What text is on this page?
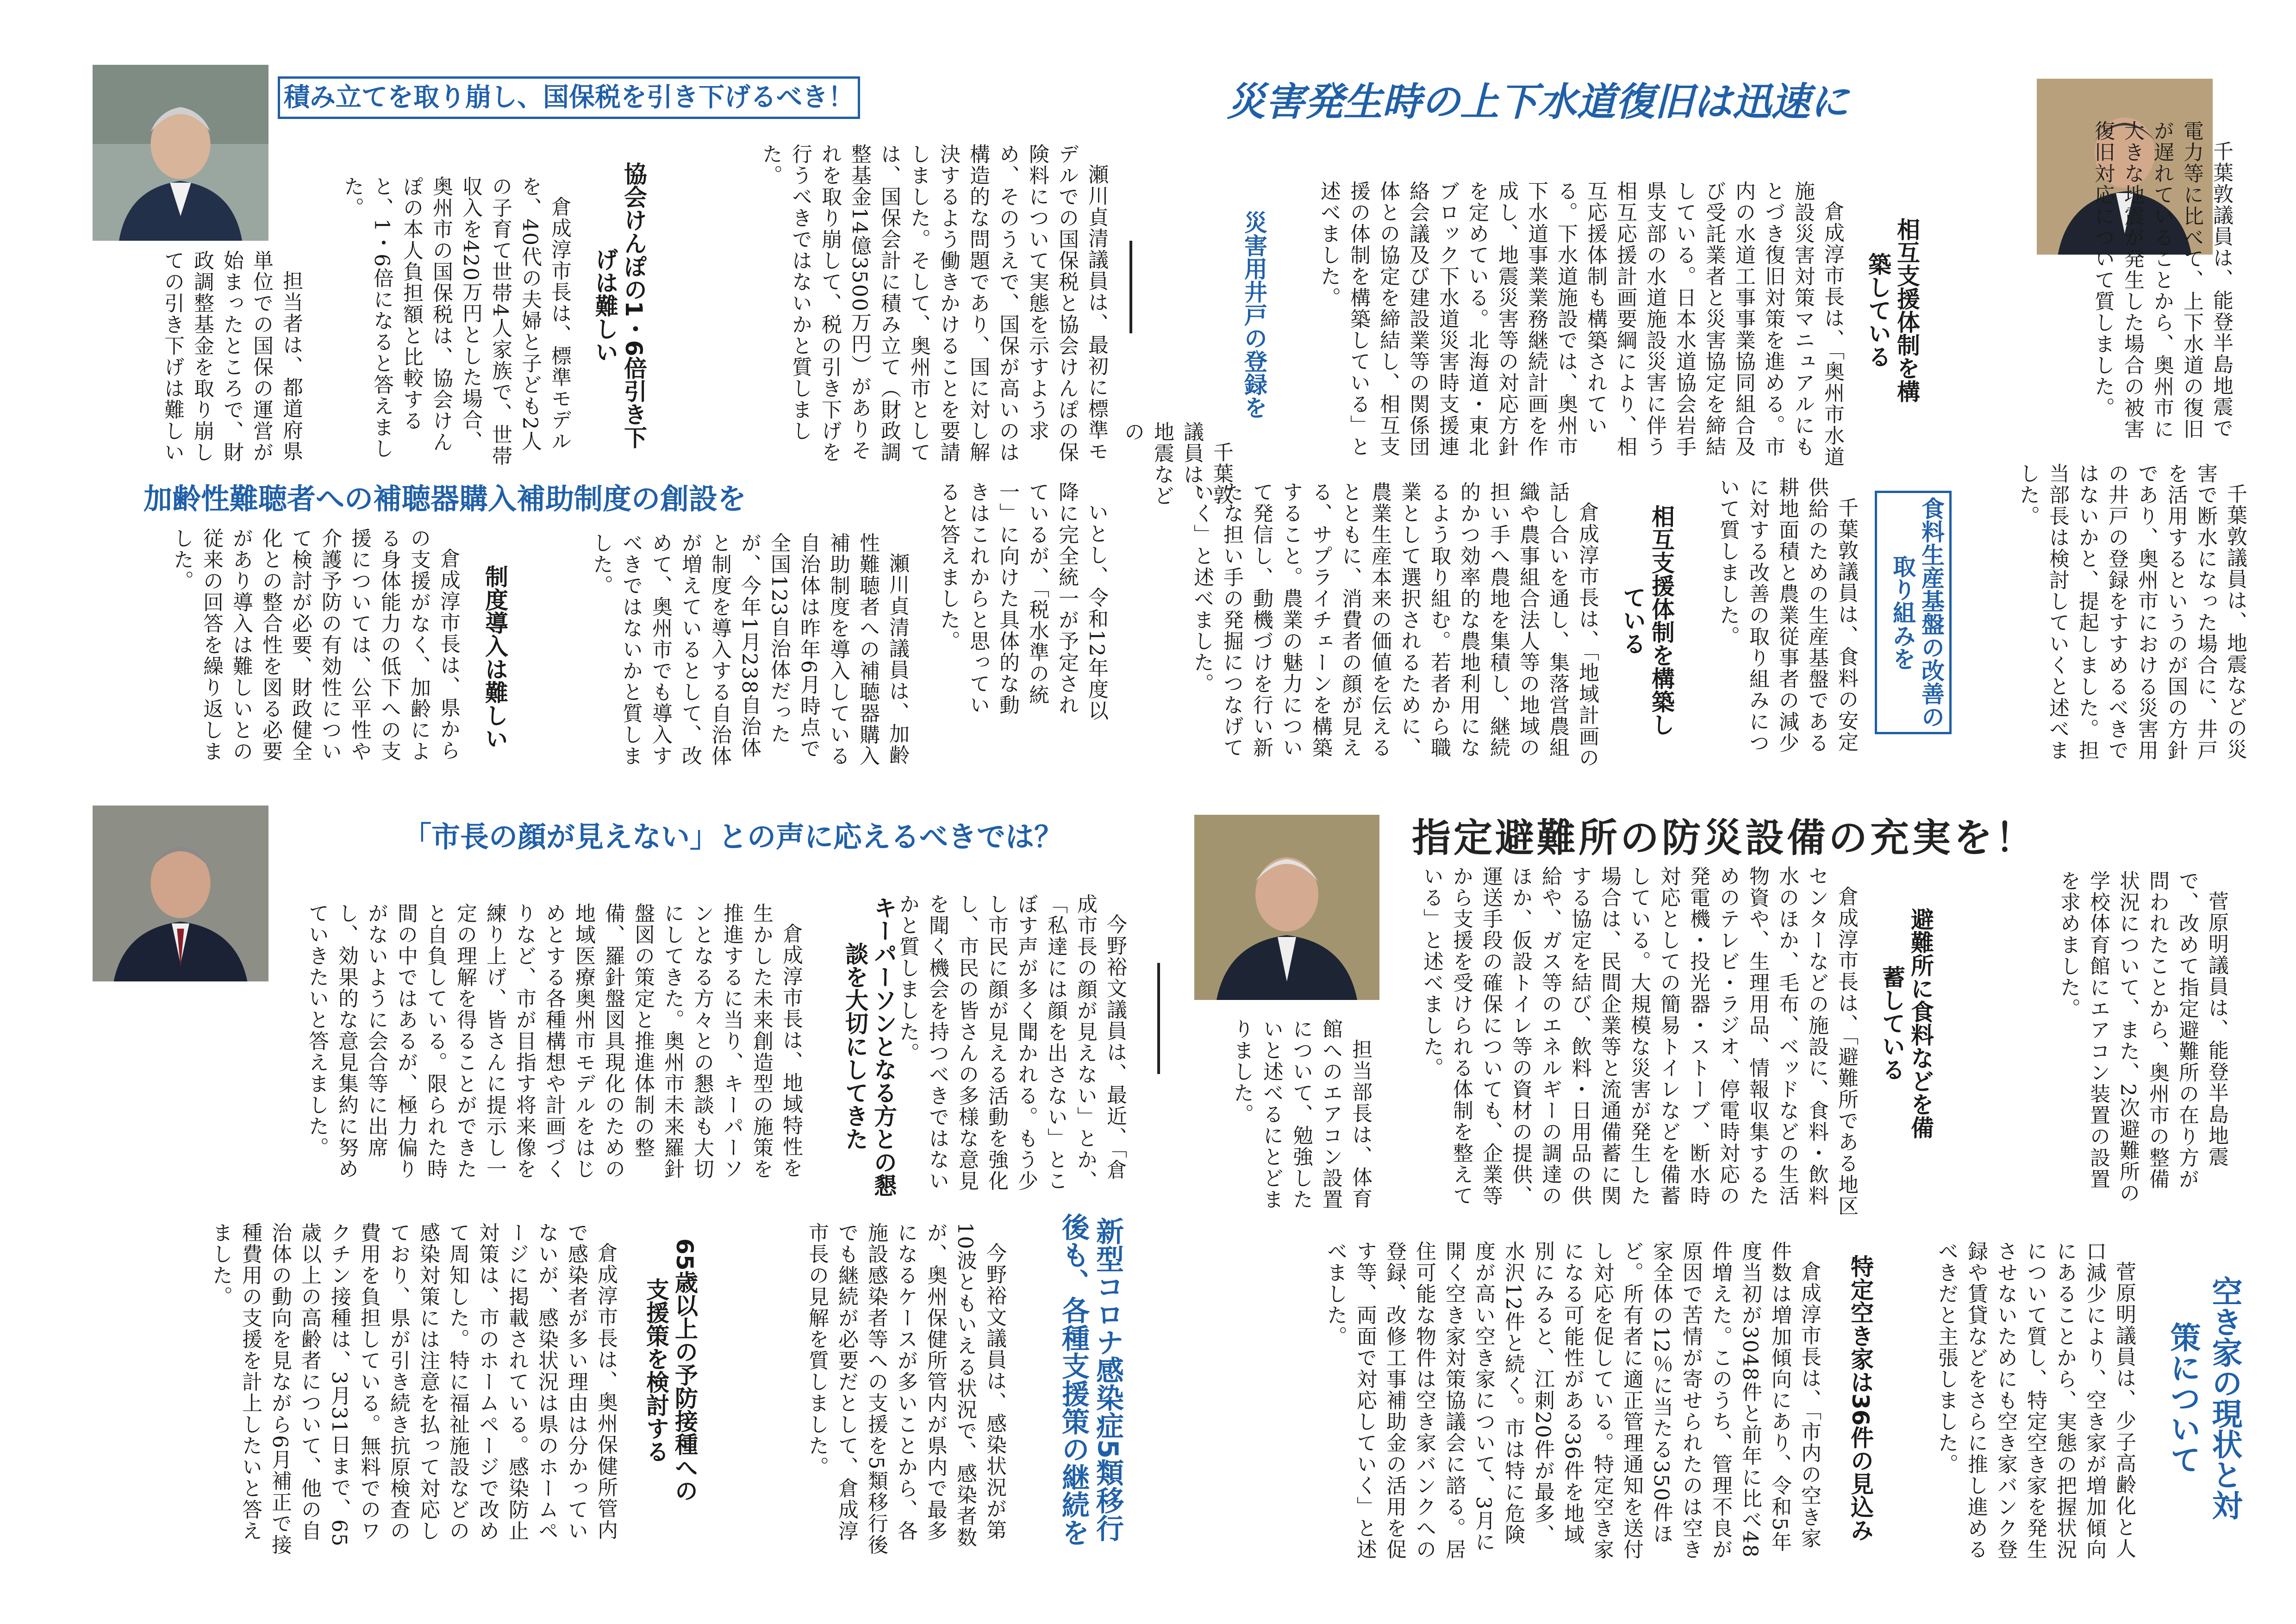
積み立てを取り崩し、国保税を引き下げるべき！

瀬川貞清議員は、最初に標準モデルでの国保税と協会けんぽの保険料について実態を示すよう求め、そのうえで、国保が高いのは構造的な問題であり、国に対し解決するよう働きかけることを要請しました。そして、奥州市としては、国保会計に積み立て（財政調整基金14億3500万円）がありそれを取り崩して、税の引き下げを行うべきではないかと質しました。

協会けんぽの1・6倍引き下げは難しい

倉成淳市長は、標準モデルを、40代の夫婦と子ども2人の子育て世帯4人家族で、世帯収入を420万円とした場合、奥州市の国保税は、協会けんぽの本人負担額と比較すると、1・6倍になると答えました。

担当者は、都道府県単位での国保の運営が始まったところで、財政調整基金を取り崩しての引き下げは難しい

加齢性難聴者への補聴器購入補助制度の創設を

いとし、令和12年度以降に完全統一が予定されているが、「税水準の統一」に向けた具体的な動きはこれからと思っていると答えました。

瀬川貞清議員は、加齢性難聴者への補聴器購入補助制度を導入している自治体は昨年6月時点で全国123自治体だったが、今年1月238自治体と制度を導入する自治体が増えているとして、改めて、奥州市でも導入すべきではないかと質しました。

制度導入は難しい

倉成淳市長は、県からの支援がなく、加齢による身体能力の低下への支援については、公平性や介護予防の有効性について検討が必要、財政健全化との整合性を図る必要があり導入は難しいとの従来の回答を繰り返しました。

災害発生時の上下水道復旧は迅速に

千葉敦議員は、能登半島地震で電力等に比べて、上下水道の復旧が遅れていることから、奥州市に大きな地震が発生した場合の被害復旧対応について質しました。

相互支援体制を構築している

倉成淳市長は、「奥州市水道施設災害対策マニュアルにもとづき復旧対策を進める。市内の水道工事事業協同組合及び受託業者と災害協定を締結している。日本水道協会岩手県支部の水道施設災害に伴う相互応援計画要綱により、相互応援体制も構築されている。下水道施設では、奥州市下水道事業業務継続計画を作成し、地震災害等の対応方針を定めている。北海道・東北ブロック下水道災害時支援連絡会議及び建設業等の関係団体との協定を締結し、相互支援の体制を構築している」と述べました。

災害用井戸の登録を

千葉敦議員は、地震などの災害で断水になった場合に、井戸を活用するというのが国の方針であり、奥州市における災害用の井戸の登録をすすめるべきではないかと、提起しました。担当部長は検討していくと述べました。

千葉敦議員は、地震などの

食料生産基盤の改善の取り組みを

千葉敦議員は、食料の安定供給のための生産基盤である耕地面積と農業従事者の減少に対する改善の取り組みについて質しました。

相互支援体制を構築している

倉成淳市長は、「地域計画の話し合いを通し、集落営農組織や農事組合法人等の地域の担い手へ農地を集積し、継続的かつ効率的な農地利用になるよう取り組む。若者から職業として選択されるために、農業生産本来の価値を伝えるとともに、消費者の顔が見える、サプライチェーンを構築すること。農業の魅力について発信し、動機づけを行い新たな担い手の発掘につなげていく」と述べました。

「市長の顔が見えない」との声に応えるべきでは？

今野裕文議員は、最近、「倉成市長の顔が見えない」とか、「私達には顔を出さない」とこぼす声が多く聞かれる。もう少し市民に顔が見える活動を強化し、市民の皆さんの多様な意見を聞く機会を持つべきではないかと質しました。

キーパーソンとなる方との懇談を大切にしてきた

倉成淳市長は、地域特性を生かした未来創造型の施策を推進するに当り、キーパーソンとなる方々との懇談も大切にしてきた。奥州市未来羅針盤図の策定と推進体制の整備、羅針盤図具現化のための地域医療奥州市モデルをはじめとする各種構想や計画づくりなど、市が目指す将来像を練り上げ、皆さんに提示し一定の理解を得ることができたと自負している。限られた時間の中ではあるが、極力偏りがないように会合等に出席し、効果的な意見集約に努めていきたいと答えました。

新型コロナ感染症5類移行後も、各種支援策の継続を

今野裕文議員は、感染状況が第10波ともいえる状況で、感染者数が、奥州保健所管内が県内で最多になるケースが多いことから、各施設感染者等への支援を5類移行後でも継続が必要だとして、倉成淳市長の見解を質しました。

65歳以上の予防接種への支援策を検討する

倉成淳市長は、奥州保健所管内で感染者が多い理由は分かっていないが、感染状況は県のホームページに掲載されている。感染防止対策は、市のホームページで改めて周知した。特に福祉施設などの感染対策には注意を払って対応しており、県が引き続き抗原検査の費用を負担している。無料でのワクチン接種は、3月31日まで、65歳以上の高齢者について、他の自治体の動向を見ながら6月補正で接種費用の支援を計上したいと答えました。

指定避難所の防災設備の充実を！

菅原明議員は、能登半島地震で、改めて指定避難所の在り方が問われたことから、奥州市の整備状況について、また、2次避難所の学校体育館にエアコン装置の設置を求めました。

避難所に食料などを備蓄している

倉成淳市長は、「避難所である地区センターなどの施設に、食料・飲料水のほか、毛布、ベッドなどの生活物資や、生理用品、情報収集するためのテレビ・ラジオ、停電時対応の発電機・投光器・ストーブ、断水時対応としての簡易トイレなどを備蓄している。大規模な災害が発生した場合は、民間企業等と流通備蓄に関する協定を結び、飲料・日用品の供給や、ガス等のエネルギーの調達のほか、仮設トイレ等の資材の提供、運送手段の確保についても、企業等から支援を受けられる体制を整えている」と述べました。

担当部長は、体育館へのエアコン設置について、勉強したいと述べるにとどまりました。

空き家の現状と対策について

菅原明議員は、少子高齢化と人口減少により、空き家が増加傾向にあることから、実態の把握状況について質し、特定空き家を発生させないためにも空き家バンク登録や賃貸などをさらに推し進めるべきだと主張しました。

特定空き家は36件の見込み

倉成淳市長は、「市内の空き家件数は増加傾向にあり、令和5年度当初が3048件と前年に比べ48件増えた。このうち、管理不良が原因で苦情が寄せられたのは空き家全体の12％に当たる350件ほど。所有者に適正管理通知を送付し対応を促している。特定空き家になる可能性がある36件を地域別にみると、江刺20件が最多、水沢12件と続く。市は特に危険度が高い空き家について、3月に開く空き家対策協議会に諮る。居住可能な物件は空き家バンクへの登録、改修工事補助金の活用を促す等、両面で対応していく」と述べました。
